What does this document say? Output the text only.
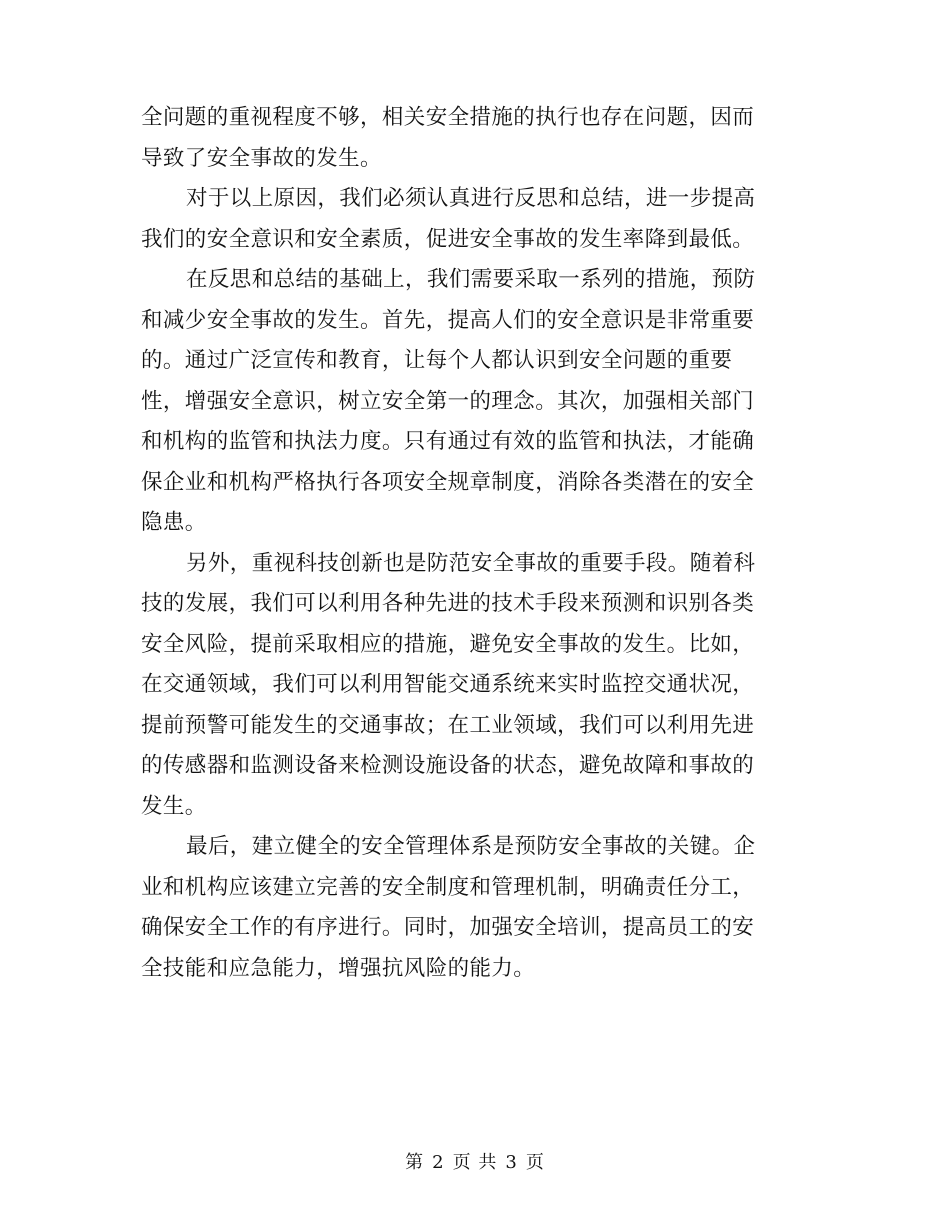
全问题的重视程度不够，相关安全措施的执行也存在问题，因而
导致了安全事故的发生。

对于以上原因，我们必须认真进行反思和总结，进一步提高
我们的安全意识和安全素质，促进安全事故的发生率降到最低。

在反思和总结的基础上，我们需要采取一系列的措施，预防
和减少安全事故的发生。首先，提高人们的安全意识是非常重要
的。通过广泛宣传和教育，让每个人都认识到安全问题的重要
性，增强安全意识，树立安全第一的理念。其次，加强相关部门
和机构的监管和执法力度。只有通过有效的监管和执法，才能确
保企业和机构严格执行各项安全规章制度，消除各类潜在的安全
隐患。

另外，重视科技创新也是防范安全事故的重要手段。随着科
技的发展，我们可以利用各种先进的技术手段来预测和识别各类
安全风险，提前采取相应的措施，避免安全事故的发生。比如，
在交通领域，我们可以利用智能交通系统来实时监控交通状况，
提前预警可能发生的交通事故；在工业领域，我们可以利用先进
的传感器和监测设备来检测设施设备的状态，避免故障和事故的
发生。

最后，建立健全的安全管理体系是预防安全事故的关键。企
业和机构应该建立完善的安全制度和管理机制，明确责任分工，
确保安全工作的有序进行。同时，加强安全培训，提高员工的安
全技能和应急能力，增强抗风险的能力。

第 2 页 共 3 页
